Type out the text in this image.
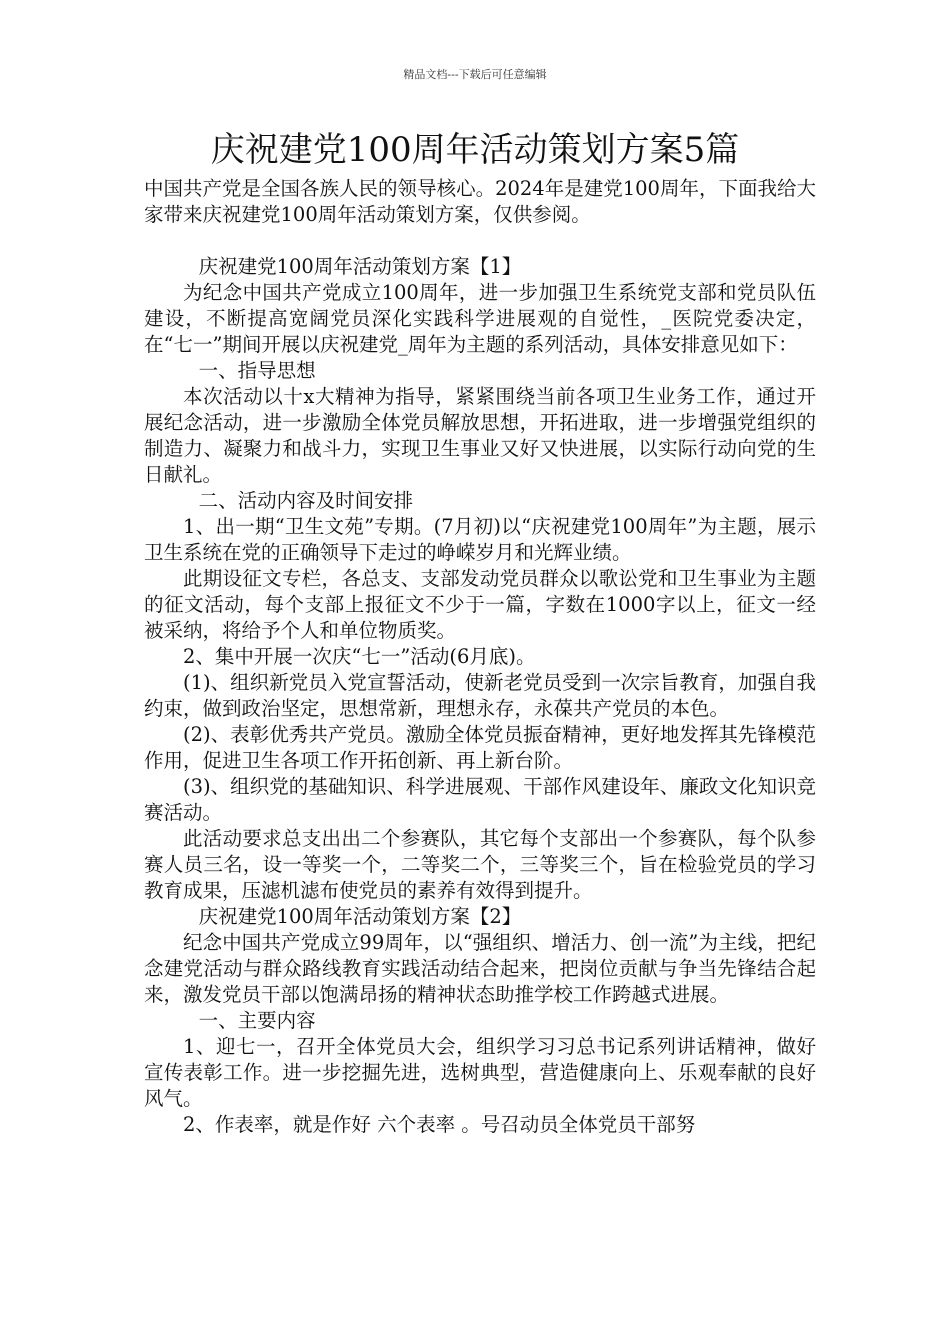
精品文档---下载后可任意编辑
庆祝建党100周年活动策划方案5篇

中国共产党是全国各族人民的领导核心。2024年是建党100周年，下面我给大家带来庆祝建党100周年活动策划方案，仅供参阅。

庆祝建党100周年活动策划方案【1】

为纪念中国共产党成立100周年，进一步加强卫生系统党支部和党员队伍建设，不断提高宽阔党员深化实践科学进展观的自觉性，_医院党委决定，在“七一”期间开展以庆祝建党_周年为主题的系列活动，具体安排意见如下：

一、指导思想

本次活动以十x大精神为指导，紧紧围绕当前各项卫生业务工作，通过开展纪念活动，进一步激励全体党员解放思想，开拓进取，进一步增强党组织的制造力、凝聚力和战斗力，实现卫生事业又好又快进展，以实际行动向党的生日献礼。

二、活动内容及时间安排

1、出一期“卫生文苑”专期。(7月初)以“庆祝建党100周年”为主题，展示卫生系统在党的正确领导下走过的峥嵘岁月和光辉业绩。

此期设征文专栏，各总支、支部发动党员群众以歌讼党和卫生事业为主题的征文活动，每个支部上报征文不少于一篇，字数在1000字以上，征文一经被采纳，将给予个人和单位物质奖。

2、集中开展一次庆“七一”活动(6月底)。

(1)、组织新党员入党宣誓活动，使新老党员受到一次宗旨教育，加强自我约束，做到政治坚定，思想常新，理想永存，永葆共产党员的本色。

(2)、表彰优秀共产党员。激励全体党员振奋精神，更好地发挥其先锋模范作用，促进卫生各项工作开拓创新、再上新台阶。

(3)、组织党的基础知识、科学进展观、干部作风建设年、廉政文化知识竞赛活动。

此活动要求总支出出二个参赛队，其它每个支部出一个参赛队，每个队参赛人员三名，设一等奖一个，二等奖二个，三等奖三个，旨在检验党员的学习教育成果，压滤机滤布使党员的素养有效得到提升。

庆祝建党100周年活动策划方案【2】

纪念中国共产党成立99周年，以“强组织、增活力、创一流”为主线，把纪念建党活动与群众路线教育实践活动结合起来，把岗位贡献与争当先锋结合起来，激发党员干部以饱满昂扬的精神状态助推学校工作跨越式进展。

一、主要内容

1、迎七一，召开全体党员大会，组织学习习总书记系列讲话精神，做好宣传表彰工作。进一步挖掘先进，选树典型，营造健康向上、乐观奉献的良好风气。

2、作表率，就是作好 六个表率 。号召动员全体党员干部努
